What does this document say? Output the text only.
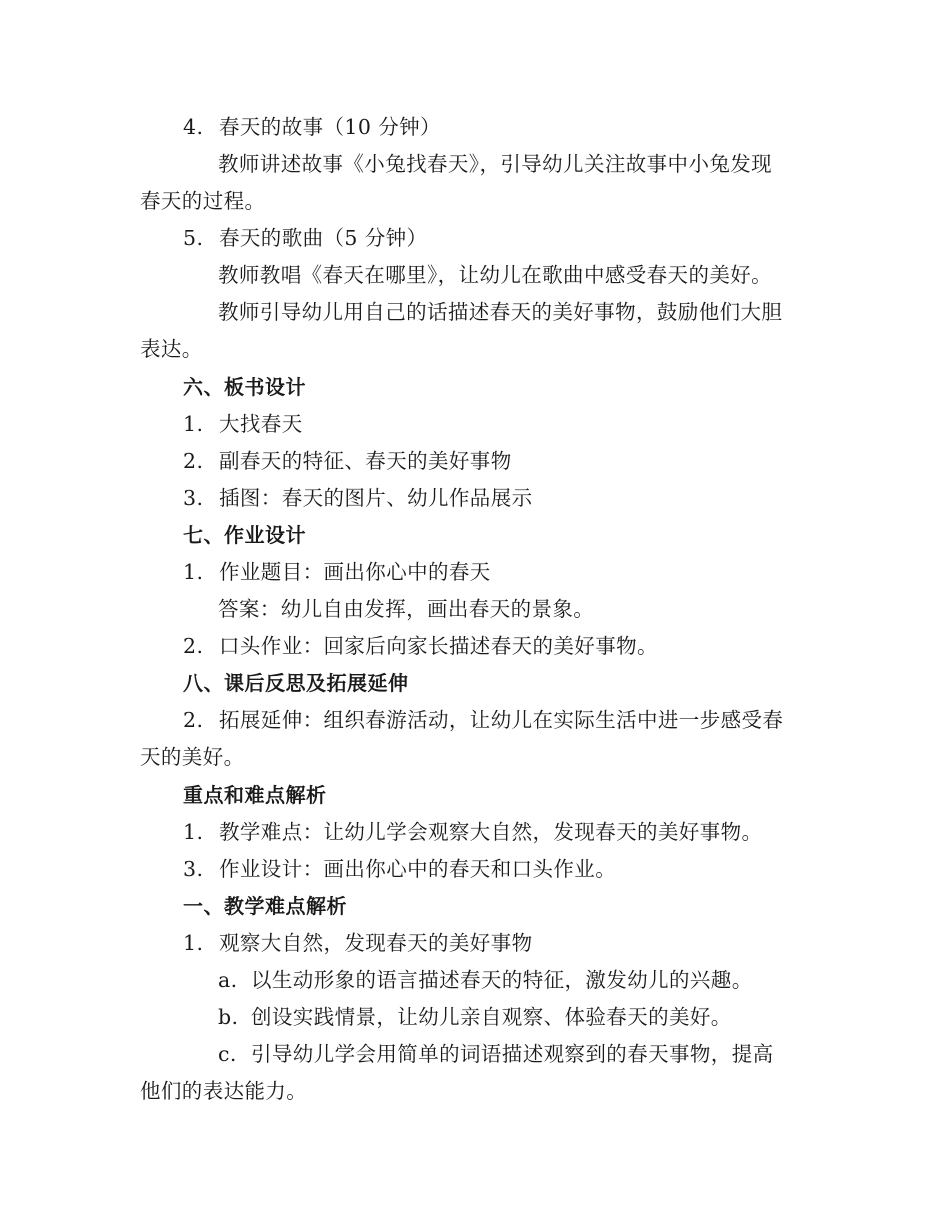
4. 春天的故事（10 分钟）
教师讲述故事《小兔找春天》，引导幼儿关注故事中小兔发现
春天的过程。
5. 春天的歌曲（5 分钟）
教师教唱《春天在哪里》，让幼儿在歌曲中感受春天的美好。
教师引导幼儿用自己的话描述春天的美好事物，鼓励他们大胆
表达。
六、板书设计
1. 大找春天
2. 副春天的特征、春天的美好事物
3. 插图：春天的图片、幼儿作品展示
七、作业设计
1. 作业题目：画出你心中的春天
答案：幼儿自由发挥，画出春天的景象。
2. 口头作业：回家后向家长描述春天的美好事物。
八、课后反思及拓展延伸
2. 拓展延伸：组织春游活动，让幼儿在实际生活中进一步感受春
天的美好。
重点和难点解析
1. 教学难点：让幼儿学会观察大自然，发现春天的美好事物。
3. 作业设计：画出你心中的春天和口头作业。
一、教学难点解析
1. 观察大自然，发现春天的美好事物
a. 以生动形象的语言描述春天的特征，激发幼儿的兴趣。
b. 创设实践情景，让幼儿亲自观察、体验春天的美好。
c. 引导幼儿学会用简单的词语描述观察到的春天事物，提高
他们的表达能力。
